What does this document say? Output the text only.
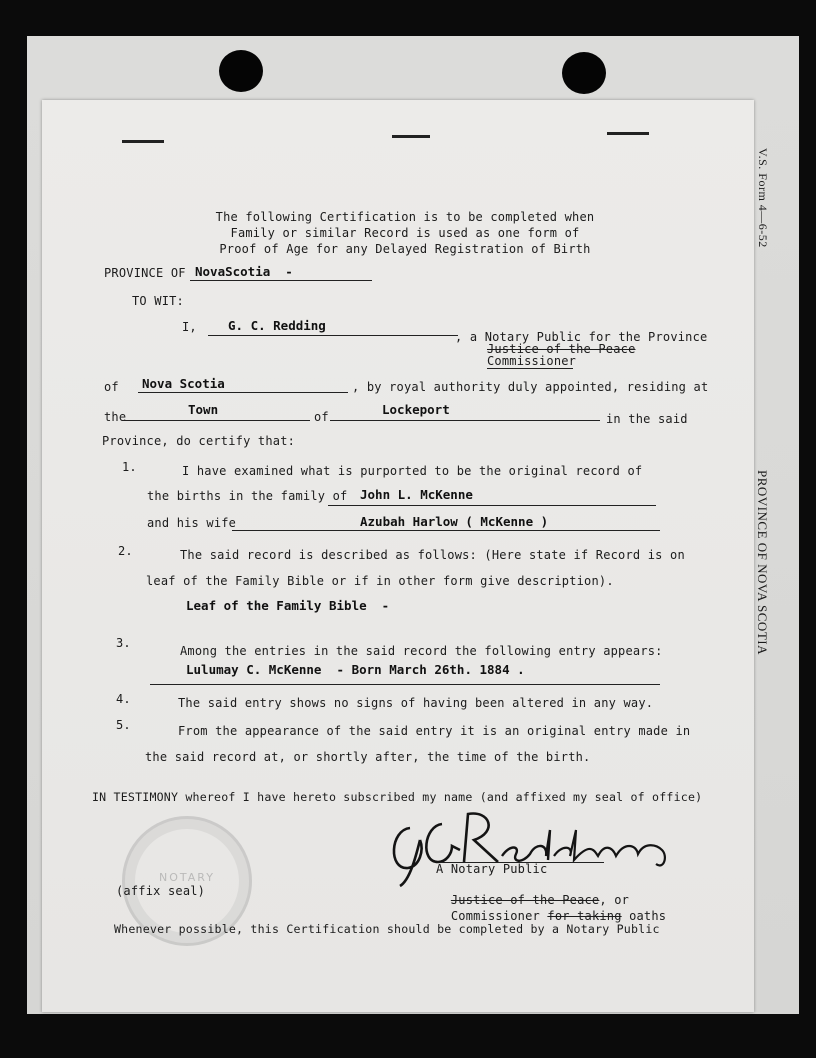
V.S. Form 4—6-52
PROVINCE OF NOVA SCOTIA
The following Certification is to be completed when
Family or similar Record is used as one form of
Proof of Age for any Delayed Registration of Birth
PROVINCE OF NovaScotia  -
TO WIT:
I, G. C. Redding
, a Notary Public for the Province
Justice of the Peace
Commissioner
of Nova Scotia	, by royal authority duly appointed, residing at
the	Town	of	Lockeport
in the said
Province, do certify that:
1.	I have examined what is purported to be the original record of
the births in the family of John L. McKenne
and his wife	Azubah Harlow ( McKenne )
2.	The said record is described as follows: (Here state if Record is on
leaf of the Family Bible or if in other form give description).
Leaf of the Family Bible  -
3.
Among the entries in the said record the following entry appears:
Lulumay C. McKenne  - Born March 26th. 1884 .
4.	The said entry shows no signs of having been altered in any way.
5.	From the appearance of the said entry it is an original entry made in
the said record at, or shortly after, the time of the birth.
IN TESTIMONY whereof I have hereto subscribed my name (and affixed my seal of office)
A Notary Public

Justice of the Peace, or

Commissioner for taking oaths

NOTARY
(affix seal)
Whenever possible, this Certification should be completed by a Notary Public
